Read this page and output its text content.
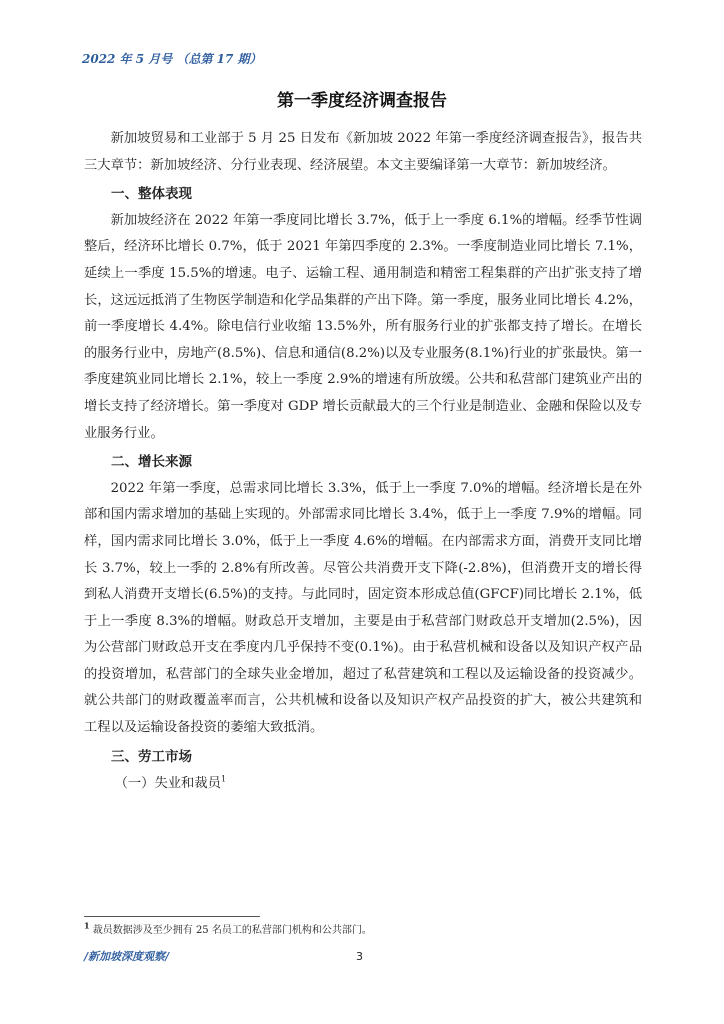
2022 年 5 月号 （总第 17 期）
第一季度经济调查报告

新加坡贸易和工业部于 5 月 25 日发布《新加坡 2022 年第一季度经济调查报告》，报告共三大章节：新加坡经济、分行业表现、经济展望。本文主要编译第一大章节：新加坡经济。

一、整体表现

新加坡经济在 2022 年第一季度同比增长 3.7%，低于上一季度 6.1%的增幅。经季节性调整后，经济环比增长 0.7%，低于 2021 年第四季度的 2.3%。一季度制造业同比增长 7.1%，延续上一季度 15.5%的增速。电子、运输工程、通用制造和精密工程集群的产出扩张支持了增长，这远远抵消了生物医学制造和化学品集群的产出下降。第一季度，服务业同比增长 4.2%，前一季度增长 4.4%。除电信行业收缩 13.5%外，所有服务行业的扩张都支持了增长。在增长的服务行业中，房地产(8.5%)、信息和通信(8.2%)以及专业服务(8.1%)行业的扩张最快。第一季度建筑业同比增长 2.1%，较上一季度 2.9%的增速有所放缓。公共和私营部门建筑业产出的增长支持了经济增长。第一季度对 GDP 增长贡献最大的三个行业是制造业、金融和保险以及专业服务行业。

二、增长来源

2022 年第一季度，总需求同比增长 3.3%，低于上一季度 7.0%的增幅。经济增长是在外部和国内需求增加的基础上实现的。外部需求同比增长 3.4%，低于上一季度 7.9%的增幅。同样，国内需求同比增长 3.0%，低于上一季度 4.6%的增幅。在内部需求方面，消费开支同比增长 3.7%，较上一季的 2.8%有所改善。尽管公共消费开支下降(-2.8%)，但消费开支的增长得到私人消费开支增长(6.5%)的支持。与此同时，固定资本形成总值(GFCF)同比增长 2.1%，低于上一季度 8.3%的增幅。财政总开支增加，主要是由于私营部门财政总开支增加(2.5%)，因为公营部门财政总开支在季度内几乎保持不变(0.1%)。由于私营机械和设备以及知识产权产品的投资增加，私营部门的全球失业金增加，超过了私营建筑和工程以及运输设备的投资减少。就公共部门的财政覆盖率而言，公共机械和设备以及知识产权产品投资的扩大，被公共建筑和工程以及运输设备投资的萎缩大致抵消。

三、劳工市场
（一）失业和裁员$^1$
$^1$ 裁员数据涉及至少拥有 25 名员工的私营部门机构和公共部门。
/新加坡深度观察/	3
